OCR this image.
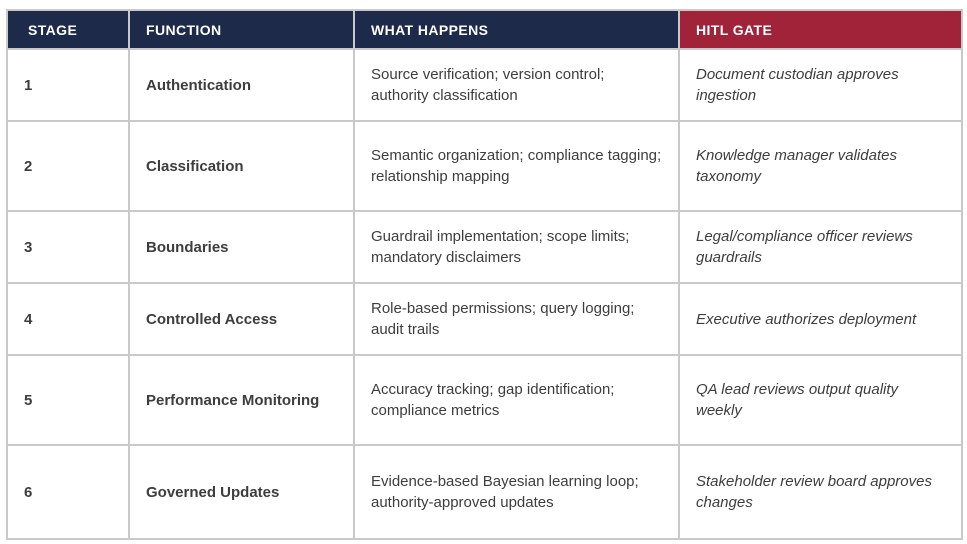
STAGE	FUNCTION	WHAT HAPPENS	HITL GATE
1	Authentication	Source verification; version control; authority classification	Document custodian approves ingestion
2	Classification	Semantic organization; compliance tagging; relationship mapping	Knowledge manager validates taxonomy
3	Boundaries	Guardrail implementation; scope limits; mandatory disclaimers	Legal/compliance officer reviews guardrails
4	Controlled Access	Role-based permissions; query logging; audit trails	Executive authorizes deployment
5	Performance Monitoring	Accuracy tracking; gap identification; compliance metrics	QA lead reviews output quality weekly
6	Governed Updates	Evidence-based Bayesian learning loop; authority-approved updates	Stakeholder review board approves changes
